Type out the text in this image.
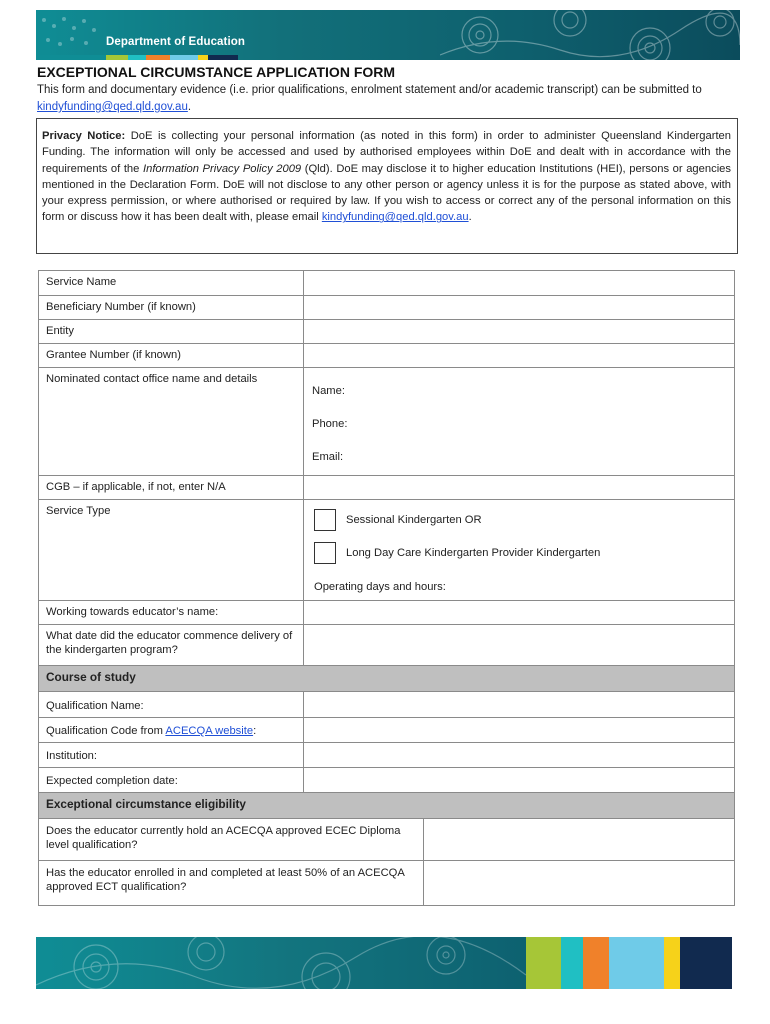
Department of Education
EXCEPTIONAL CIRCUMSTANCE APPLICATION FORM
This form and documentary evidence (i.e. prior qualifications, enrolment statement and/or academic transcript) can be submitted to kindyfunding@qed.qld.gov.au.
Privacy Notice: DoE is collecting your personal information (as noted in this form) in order to administer Queensland Kindergarten Funding. The information will only be accessed and used by authorised employees within DoE and dealt with in accordance with the requirements of the Information Privacy Policy 2009 (Qld). DoE may disclose it to higher education Institutions (HEI), persons or agencies mentioned in the Declaration Form. DoE will not disclose to any other person or agency unless it is for the purpose as stated above, with your express permission, or where authorised or required by law. If you wish to access or correct any of the personal information on this form or discuss how it has been dealt with, please email kindyfunding@qed.qld.gov.au.
Service Name	
Beneficiary Number (if known)	
Entity	
Grantee Number (if known)	
Nominated contact office name and details	Name:
Phone:
Email:

CGB – if applicable, if not, enter N/A	
Service Type	Sessional Kindergarten OR
Long Day Care Kindergarten Provider Kindergarten
Operating days and hours:

Working towards educator’s name:	
What date did the educator commence delivery of the kindergarten program?	
Course of study	
Qualification Name:	
Qualification Code from ACECQA website:	
Institution:	
Expected completion date:	
Exceptional circumstance eligibility	

Does the educator currently hold an ACECQA approved ECEC Diploma level qualification?	

Has the educator enrolled in and completed at least 50% of an ACECQA approved ECT qualification?	
